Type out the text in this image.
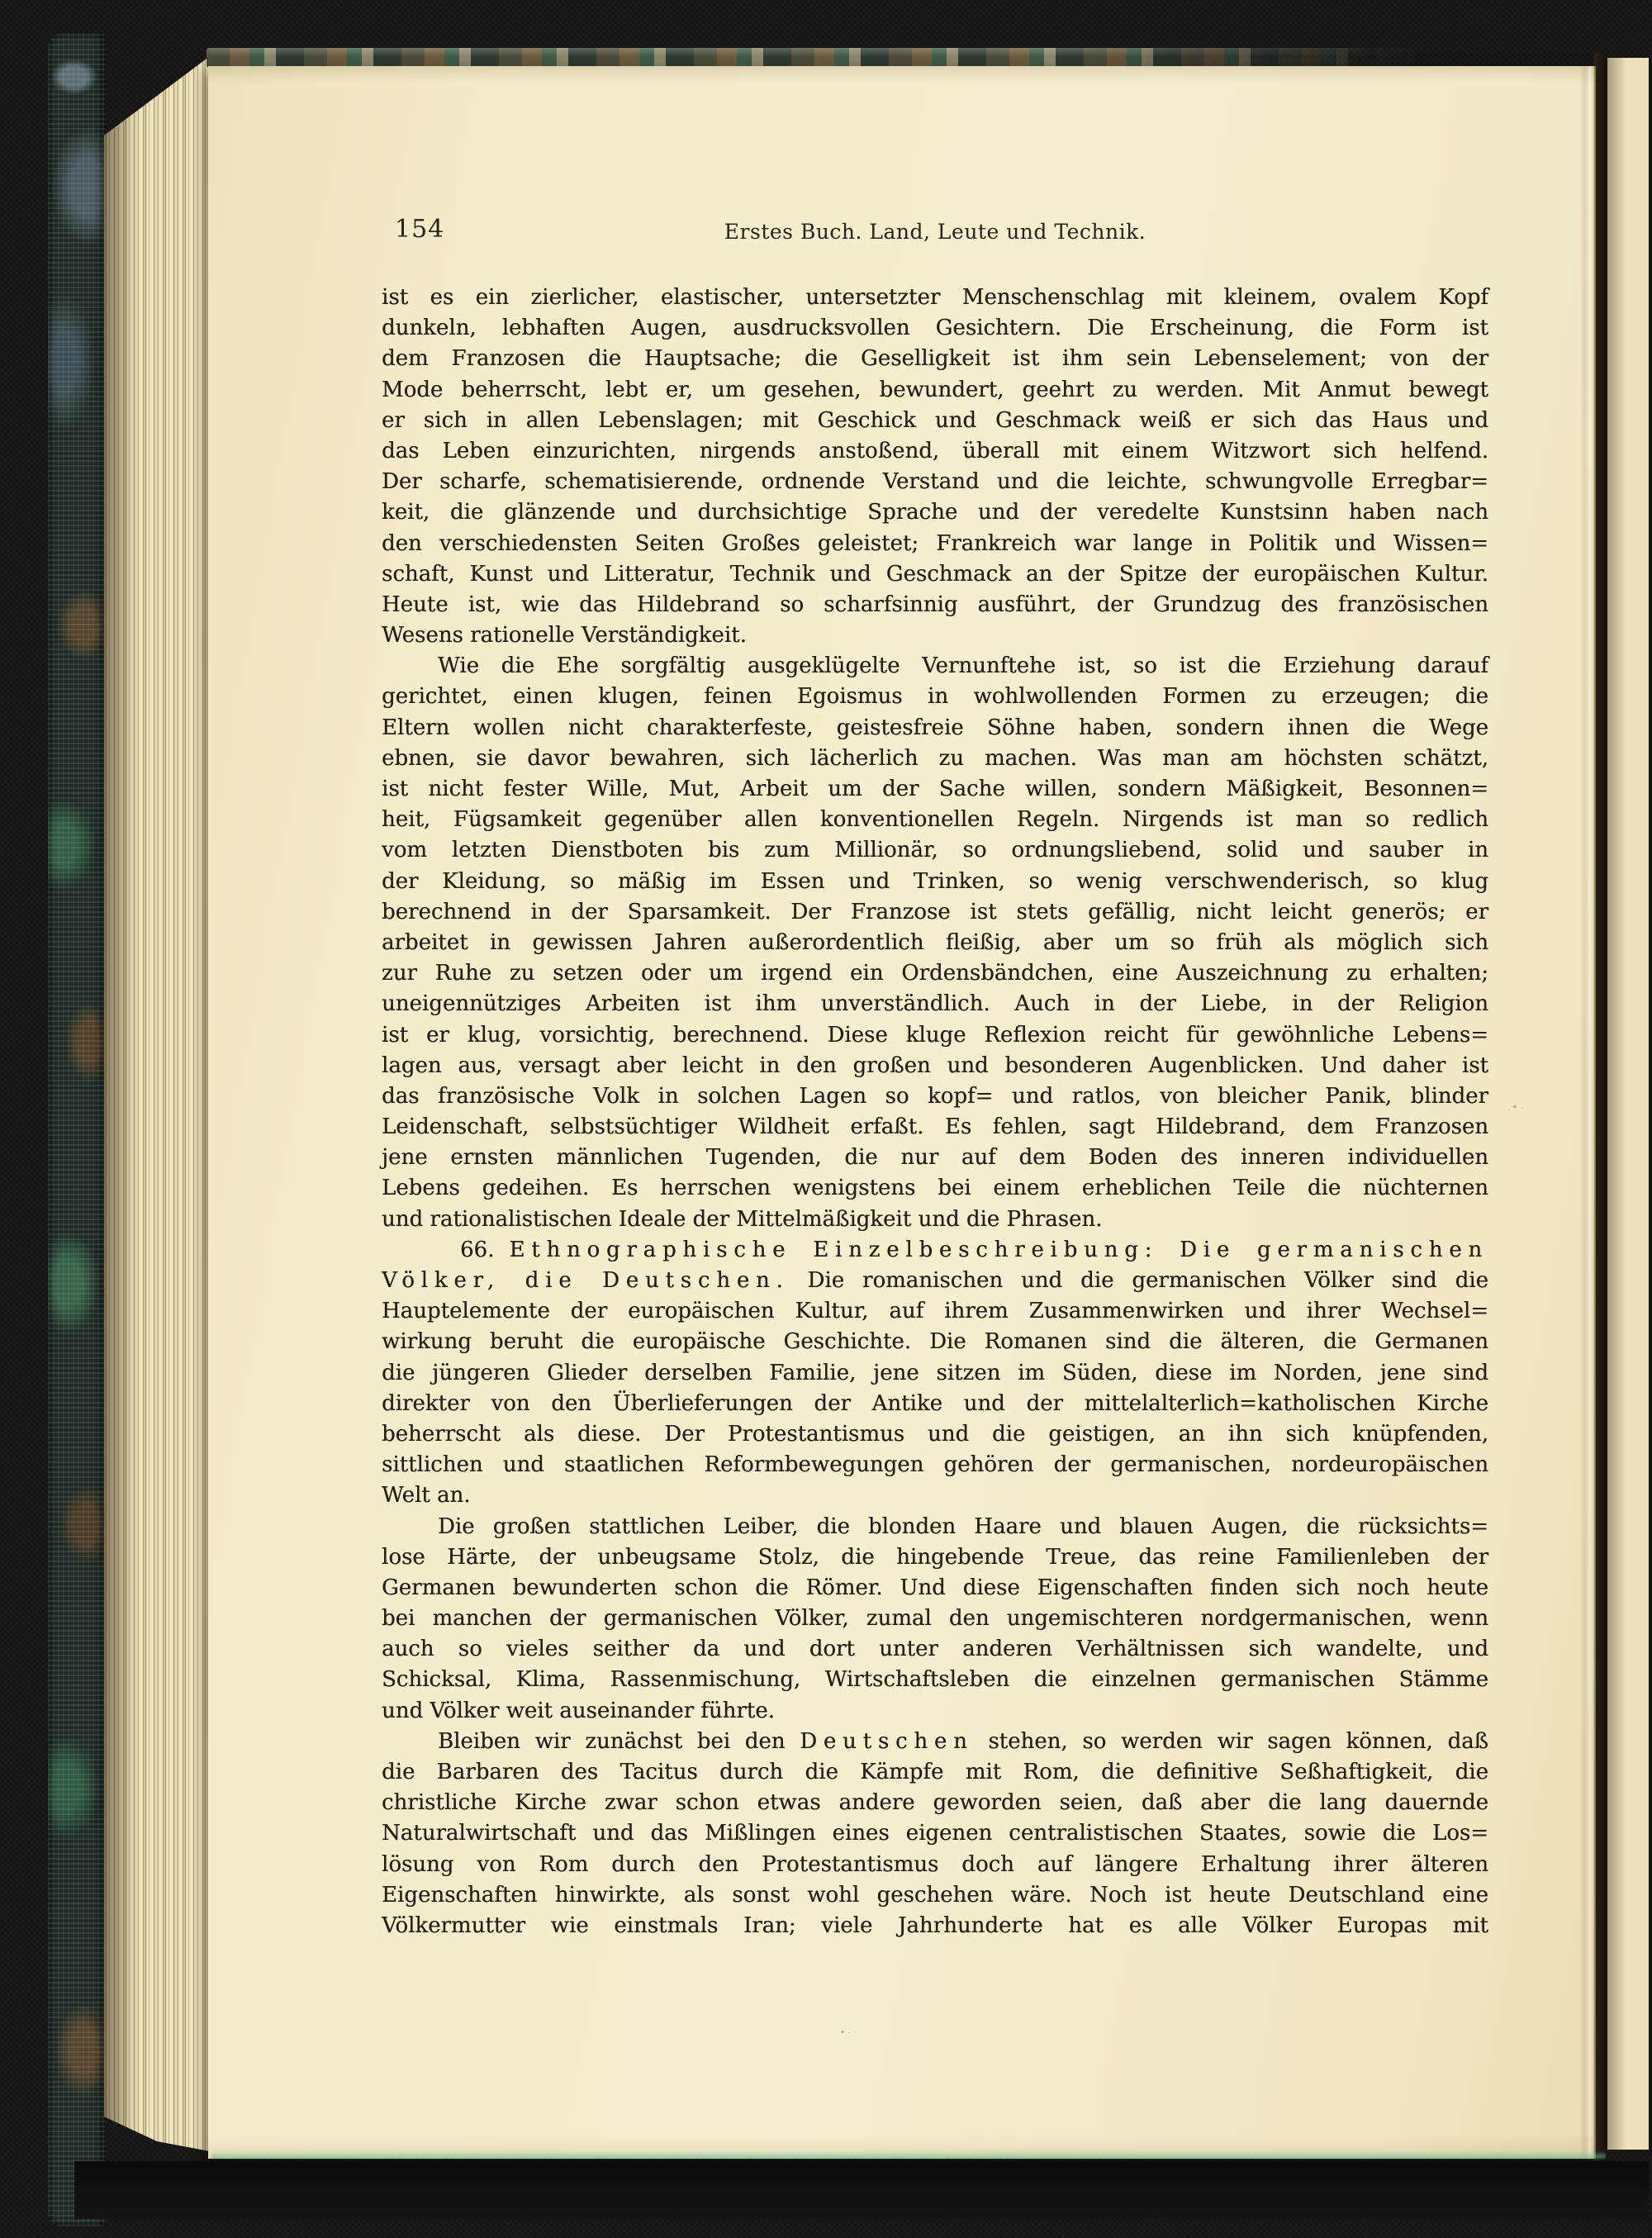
154	Erstes Buch. Land, Leute und Technik.
ist es ein zierlicher, elastischer, untersetzter Menschenschlag mit kleinem, ovalem Kopf
dunkeln, lebhaften Augen, ausdrucksvollen Gesichtern. Die Erscheinung, die Form ist
dem Franzosen die Hauptsache; die Geselligkeit ist ihm sein Lebenselement; von der
Mode beherrscht, lebt er, um gesehen, bewundert, geehrt zu werden. Mit Anmut bewegt
er sich in allen Lebenslagen; mit Geschick und Geschmack weiß er sich das Haus und
das Leben einzurichten, nirgends anstoßend, überall mit einem Witzwort sich helfend.
Der scharfe, schematisierende, ordnende Verstand und die leichte, schwungvolle Erregbar=
keit, die glänzende und durchsichtige Sprache und der veredelte Kunstsinn haben nach
den verschiedensten Seiten Großes geleistet; Frankreich war lange in Politik und Wissen=
schaft, Kunst und Litteratur, Technik und Geschmack an der Spitze der europäischen Kultur.
Heute ist, wie das Hildebrand so scharfsinnig ausführt, der Grundzug des französischen
Wesens rationelle Verständigkeit.
Wie die Ehe sorgfältig ausgeklügelte Vernunftehe ist, so ist die Erziehung darauf
gerichtet, einen klugen, feinen Egoismus in wohlwollenden Formen zu erzeugen; die
Eltern wollen nicht charakterfeste, geistesfreie Söhne haben, sondern ihnen die Wege
ebnen, sie davor bewahren, sich lächerlich zu machen. Was man am höchsten schätzt,
ist nicht fester Wille, Mut, Arbeit um der Sache willen, sondern Mäßigkeit, Besonnen=
heit, Fügsamkeit gegenüber allen konventionellen Regeln. Nirgends ist man so redlich
vom letzten Dienstboten bis zum Millionär, so ordnungsliebend, solid und sauber in
der Kleidung, so mäßig im Essen und Trinken, so wenig verschwenderisch, so klug
berechnend in der Sparsamkeit. Der Franzose ist stets gefällig, nicht leicht generös; er
arbeitet in gewissen Jahren außerordentlich fleißig, aber um so früh als möglich sich
zur Ruhe zu setzen oder um irgend ein Ordensbändchen, eine Auszeichnung zu erhalten;
uneigennütziges Arbeiten ist ihm unverständlich. Auch in der Liebe, in der Religion
ist er klug, vorsichtig, berechnend. Diese kluge Reflexion reicht für gewöhnliche Lebens=
lagen aus, versagt aber leicht in den großen und besonderen Augenblicken. Und daher ist
das französische Volk in solchen Lagen so kopf= und ratlos, von bleicher Panik, blinder
Leidenschaft, selbstsüchtiger Wildheit erfaßt. Es fehlen, sagt Hildebrand, dem Franzosen
jene ernsten männlichen Tugenden, die nur auf dem Boden des inneren individuellen
Lebens gedeihen. Es herrschen wenigstens bei einem erheblichen Teile die nüchternen
und rationalistischen Ideale der Mittelmäßigkeit und die Phrasen.
66. Ethnographische Einzelbeschreibung: Die germanischen
Völker, die Deutschen. Die romanischen und die germanischen Völker sind die
Hauptelemente der europäischen Kultur, auf ihrem Zusammenwirken und ihrer Wechsel=
wirkung beruht die europäische Geschichte. Die Romanen sind die älteren, die Germanen
die jüngeren Glieder derselben Familie, jene sitzen im Süden, diese im Norden, jene sind
direkter von den Überlieferungen der Antike und der mittelalterlich=katholischen Kirche
beherrscht als diese. Der Protestantismus und die geistigen, an ihn sich knüpfenden,
sittlichen und staatlichen Reformbewegungen gehören der germanischen, nordeuropäischen
Welt an.
Die großen stattlichen Leiber, die blonden Haare und blauen Augen, die rücksichts=
lose Härte, der unbeugsame Stolz, die hingebende Treue, das reine Familienleben der
Germanen bewunderten schon die Römer. Und diese Eigenschaften finden sich noch heute
bei manchen der germanischen Völker, zumal den ungemischteren nordgermanischen, wenn
auch so vieles seither da und dort unter anderen Verhältnissen sich wandelte, und
Schicksal, Klima, Rassenmischung, Wirtschaftsleben die einzelnen germanischen Stämme
und Völker weit auseinander führte.
Bleiben wir zunächst bei den Deutschen stehen, so werden wir sagen können, daß
die Barbaren des Tacitus durch die Kämpfe mit Rom, die definitive Seßhaftigkeit, die
christliche Kirche zwar schon etwas andere geworden seien, daß aber die lang dauernde
Naturalwirtschaft und das Mißlingen eines eigenen centralistischen Staates, sowie die Los=
lösung von Rom durch den Protestantismus doch auf längere Erhaltung ihrer älteren
Eigenschaften hinwirkte, als sonst wohl geschehen wäre. Noch ist heute Deutschland eine
Völkermutter wie einstmals Iran; viele Jahrhunderte hat es alle Völker Europas mit
